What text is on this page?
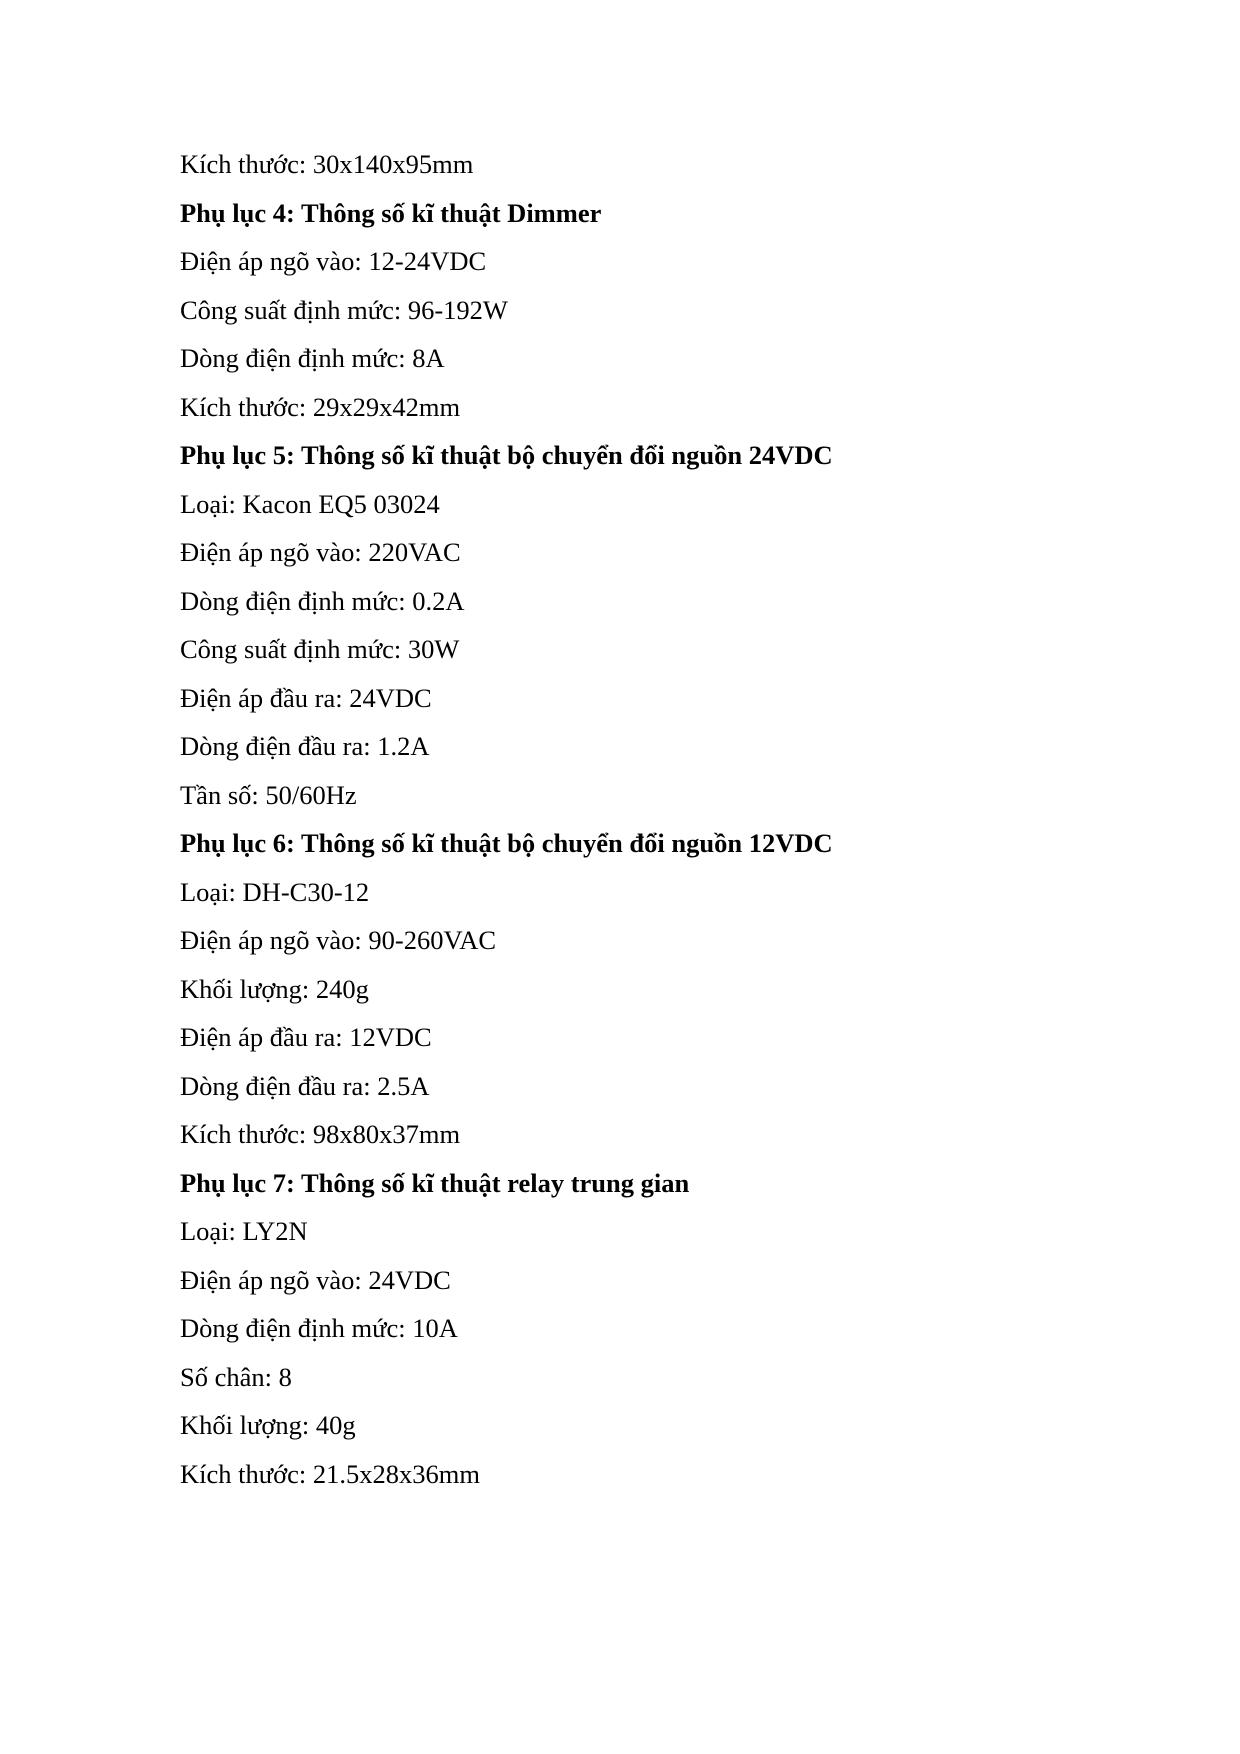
Kích thước: 30x140x95mm
Phụ lục 4: Thông số kĩ thuật Dimmer
Điện áp ngõ vào: 12-24VDC
Công suất định mức: 96-192W
Dòng điện định mức: 8A
Kích thước: 29x29x42mm
Phụ lục 5: Thông số kĩ thuật bộ chuyển đổi nguồn 24VDC
Loại: Kacon EQ5 03024
Điện áp ngõ vào: 220VAC
Dòng điện định mức: 0.2A
Công suất định mức: 30W
Điện áp đầu ra: 24VDC
Dòng điện đầu ra: 1.2A
Tần số: 50/60Hz
Phụ lục 6: Thông số kĩ thuật bộ chuyển đổi nguồn 12VDC
Loại: DH-C30-12
Điện áp ngõ vào: 90-260VAC
Khối lượng: 240g
Điện áp đầu ra: 12VDC
Dòng điện đầu ra: 2.5A
Kích thước: 98x80x37mm
Phụ lục 7: Thông số kĩ thuật relay trung gian
Loại: LY2N
Điện áp ngõ vào: 24VDC
Dòng điện định mức: 10A
Số chân: 8
Khối lượng: 40g
Kích thước: 21.5x28x36mm
